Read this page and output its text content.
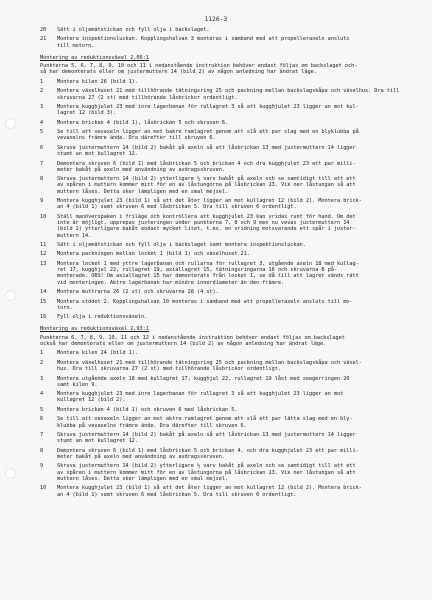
1126-3
20	Sätt i oljemätstickan och fyll olja i backslaget.
21	Montera inspektionsluckan. Kopplingshalvan 3 monteras i samband med att propelleraxeln ansluts
till motorn.
Montering av reduktionsväxel 2,06:1
Punkterna 5, 6, 7, 8, 9, 10 och 11 i nedanstående instruktion behöver endast följas om backslaget och-
så har demonterats eller om justermuttern 14 (bild 2) av någon anledning har ändrat läge.
1	Montera kilen 26 (bild 1).
2	Montera växelhuset 21 med tillhörande tätningsring 25 och packning mellan backslagskåpa och växelhus. Dra till skruvarna 27 (2 st) med tillhörande låsbrickor ordentligt.
3	Montera kugghjulet 23 med inre lagerbanan för rullagret 3 så att kugghjulet 23 ligger an mot kul-
lagret 12 (bild 3).
4	Montera brickan 4 (bild 1), låsbrickan 5 och skruven 6.
5	Se till att vevaxeln ligger an mot bakre ramlagret genom att slå ett par slag med en blyklubba på
vevaxelns främre ände. Dra därefter till skruven 6.
6	Skruva justermuttern 14 (bild 2) bakåt på axeln så att låsbrickan 13 med justermuttern 14 ligger
stumt an mot kullagret 12.
7	Demontera skruven 6 (bild 1) med låsbrickan 5 och brickan 4 och dra kugghjulet 23 ett par milli-
meter bakåt på axeln med användning av avdragsskruven.
8	Skruva justermuttern 14 (bild 2) ytterligare ½ varv bakåt på axeln och se samtidigt till att ett
av spåren i muttern kommer mitt för en av låstungorna på låsbrickan 13. Vik ner låstungan så att
muttern låses. Detta sker lämpligen med en smal mejsel.
9	Montera kugghjulet 23 (bild 1) så att det åter ligger an mot kullagret 12 (bild 2). Montera brick-
an 4 (bild 1) samt skruven 6 med låsbrickan 5. Dra till skruven 6 ordentligt.
10	Ställ manöverspaken i friläge och kontrollera att kugghjulet 23 kan vridas runt för hand. Om det
inte är möjligt, upprepas justeringen under punkterna 7, 8 och 9 men nu vevas justermuttern 14
(bild 2) ytterligare bakåt endast mycket litet, t.ex. en vridning motsvarande ett spår i juster-
muttern 14.
11	Sätt i oljemätstickan och fyll olja i backslaget samt montera inspektionsluckan.
12	Montera packningen mellan locket 1 (bild 1) och växelhuset 21.
13	Montera locket 1 med yttre lagerbanan och rullarna för rullagret 3, utgående axeln 18 med kullag-
ret 17, kugghjul 22, rullagret 19, axiallagret 15, tätningsringarna 16 och skruvarna 8 på-
monterade. OBS! Om axiallagret 15 har demonterats från locket 1, se då till att lagret vänds rätt
vid monteringen. Aktre lagerbanan har mindre innerdiameter än den främre.
14	Montera muttrarna 26 (2 st) och skruvarna 28 (4 st).
15	Montera stödet 2. Kopplingshalvan 10 monteras i samband med att propelleraxeln ansluts till mo-
torn.
16	Fyll olja i reduktionsväxeln.
Montering av reduktionsväxel 2,93:1
Punkterna 6, 7, 8, 9, 10, 11 och 12 i nedanstående instruktion behöver endast följas om backslaget
också har demonterats eller om justermuttern 14 (bild 2) av någon anledning har ändrat läge.
1	Montera kilen 24 (bild 1).
2	Montera växelhuset 21 med tillhörande tätningsring 25 och packning mellan backslagskåpa och växel-
hus. Dra till skruvarna 27 (2 st) med tillhörande låsbrickor ordentligt.
3	Montera utgående axeln 18 med kullagret 17, kugghjul 22, rullagret 19 låst med seegerringen 20
samt kilen 9.
4	Montera kugghjulet 23 med inre lagerbanan för rullagret 3 så att kugghjulet 23 ligger an mot
kullagret 12 (bild 2).
5	Montera brickan 4 (bild 1) och skruven 6 med låsbrickan 5.
6	Se till att vevaxeln ligger an mot aktre ramlagret genom att slå ett par lätta slag med en bly-
klubba på vevaxelns främre ände. Dra därefter till skruven 6.
7	Skruva justermuttern 14 (bild 2) bakåt på axeln så att låsbrickan 13 med justermuttern 14 ligger
stumt an mot kullagret 12.
8	Demontera skruven 6 (bild 1) med låsbrickan 5 och brickan 4, och dra kugghjulet 23 ett par milli-
meter bakåt på axeln med användning av avdragsskruven.
9	Skruva justermuttern 14 (bild 2) ytterligare ½ varv bakåt på axeln och se samtidigt till att ett
av spåren i muttern kommer mitt för en av låstungorna på låsbrickan 13. Vik ner låstungan så att
muttern låses. Detta sker lämpligen med en smal mejsel.
10	Montera kugghjulet 23 (bild 1) så att det åter ligger an mot kullagret 12 (bild 2). Montera brick-
an 4 (bild 1) samt skruven 6 med låsbrickan 5. Dra till skruven 6 ordentligt.
